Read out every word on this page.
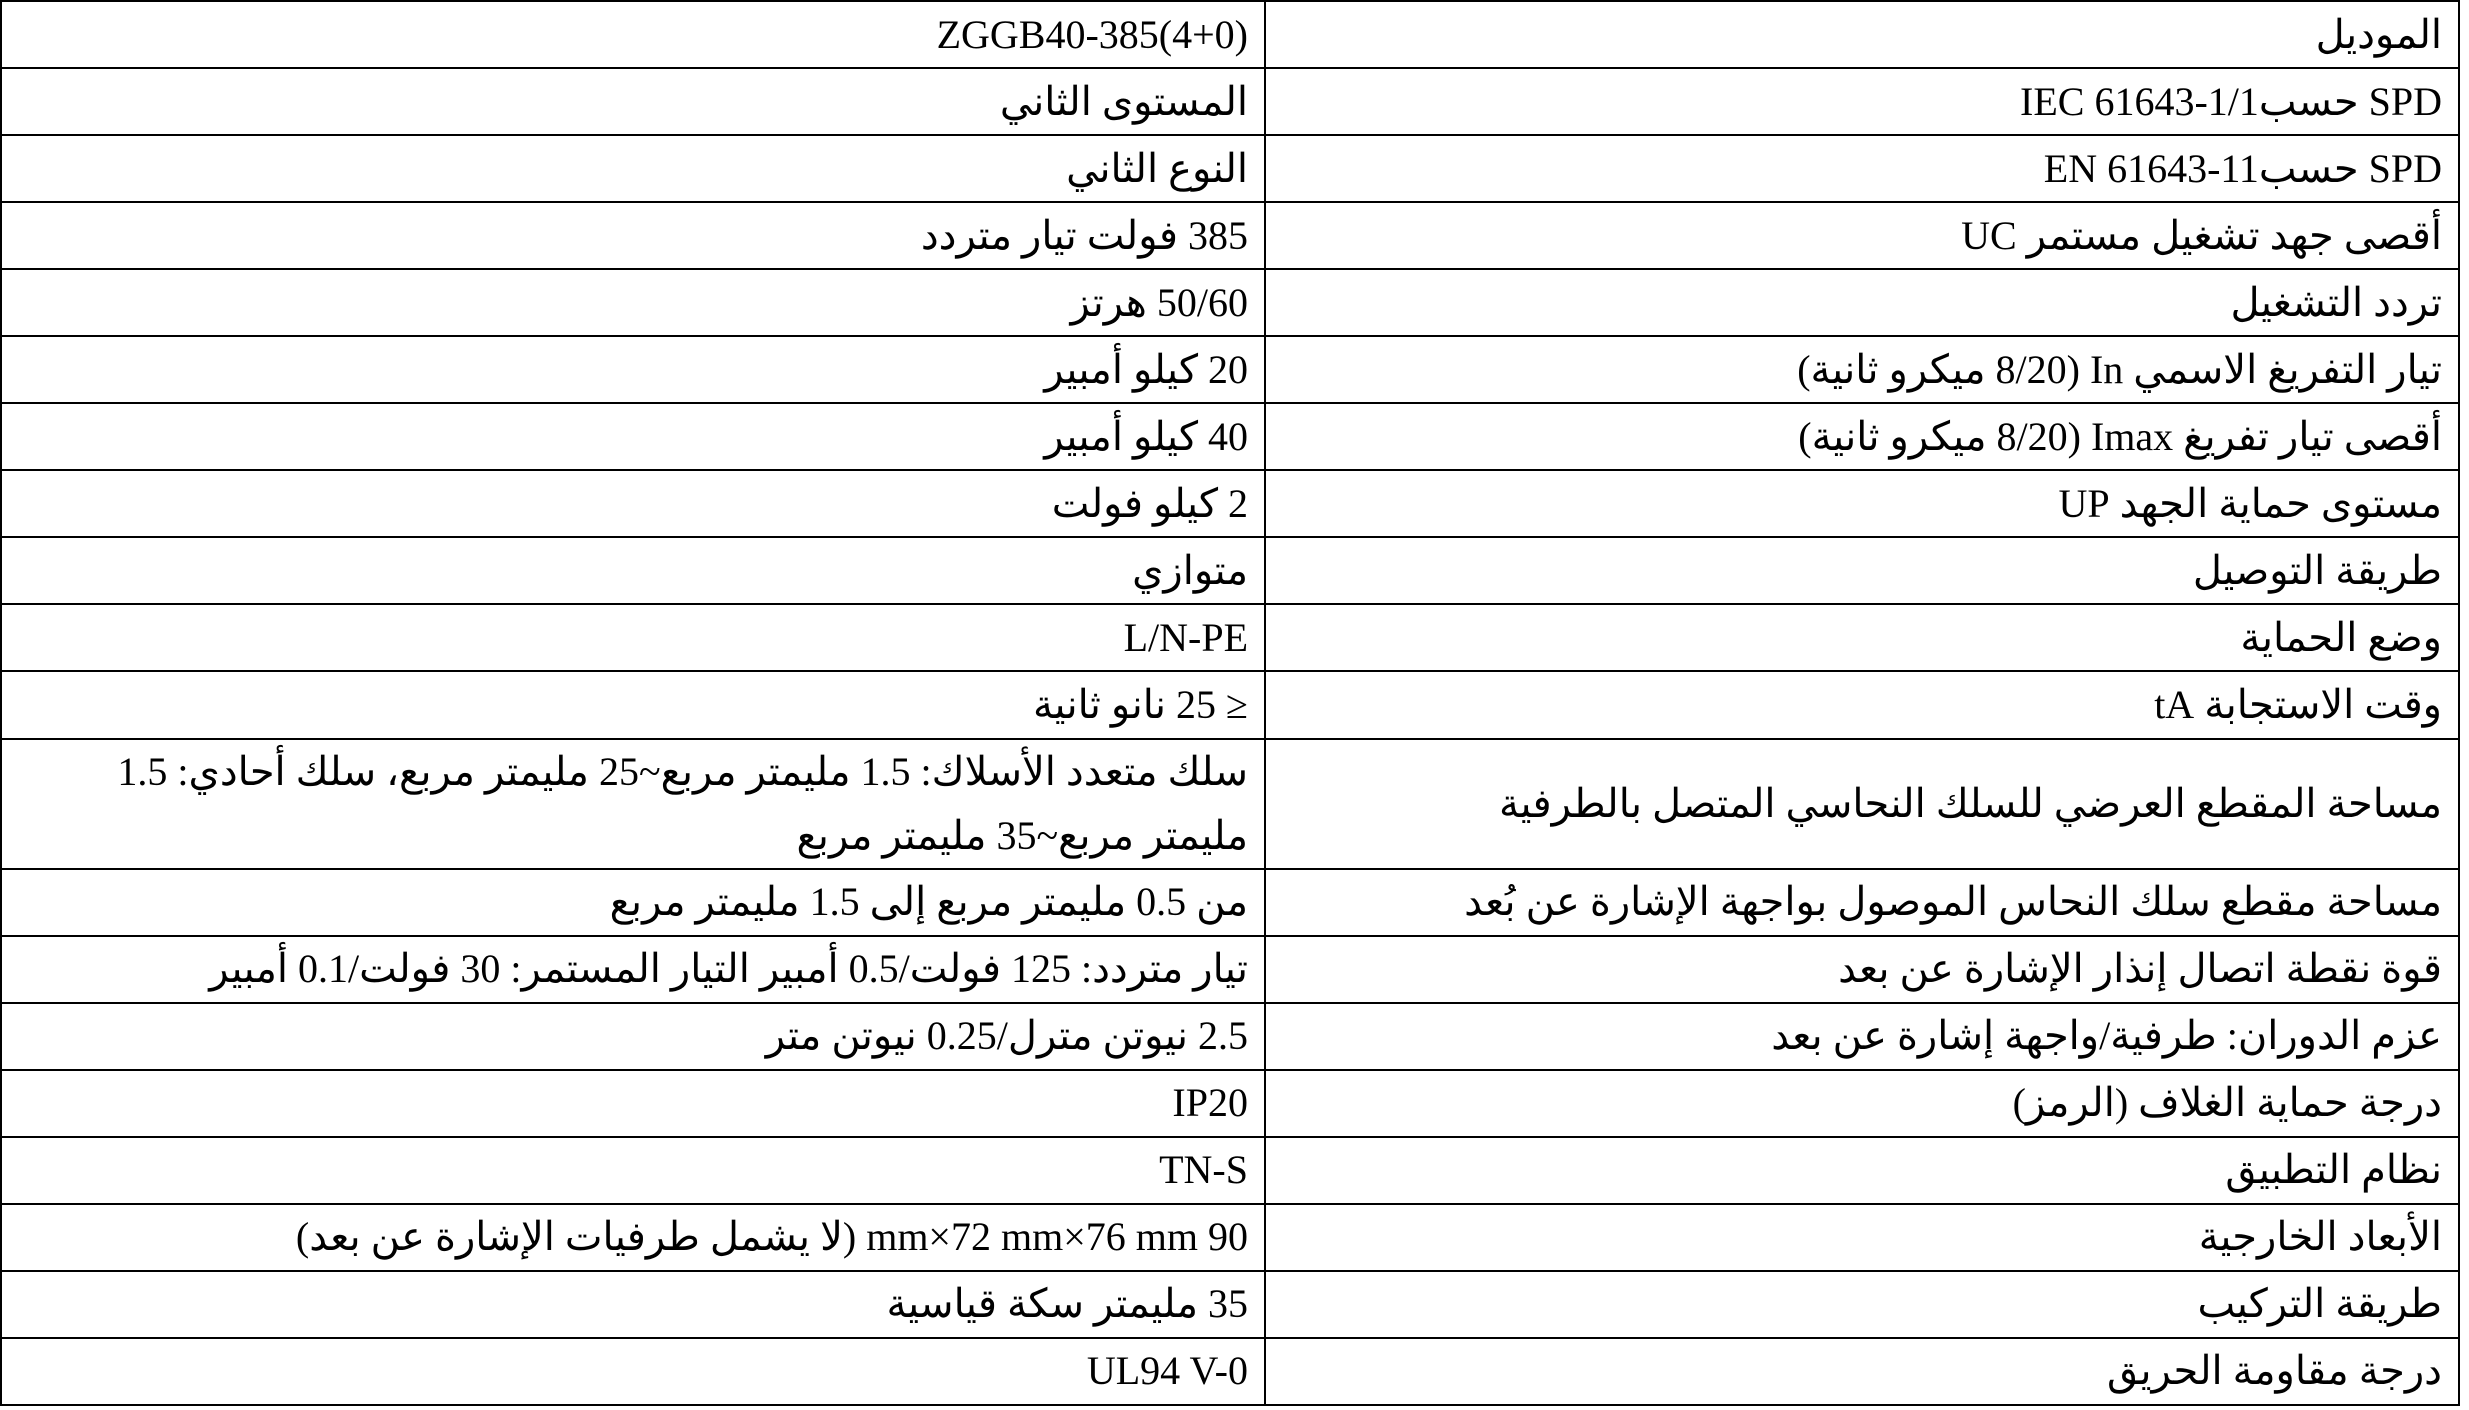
ZGGB40-385(4+0)	الموديل
المستوى الثاني	SPD حسبIEC 61643-1/1
النوع الثاني	SPD حسبEN 61643-11
385 فولت تيار متردد	أقصى جهد تشغيل مستمر UC
50/60 هرتز	تردد التشغيل
20 كيلو أمبير	تيار التفريغ الاسمي In (8/20 ميكرو ثانية)
40 كيلو أمبير	أقصى تيار تفريغ Imax (8/20 ميكرو ثانية)
2 كيلو فولت	مستوى حماية الجهد UP
متوازي	طريقة التوصيل
L/N-PE	وضع الحماية
≤ 25 نانو ثانية	وقت الاستجابة tA
سلك متعدد الأسلاك: 1.5 مليمتر مربع~25 مليمتر مربع، سلك أحادي: 1.5 مليمتر مربع~35 مليمتر مربع	مساحة المقطع العرضي للسلك النحاسي المتصل بالطرفية
من 0.5 مليمتر مربع إلى 1.5 مليمتر مربع	مساحة مقطع سلك النحاس الموصول بواجهة الإشارة عن بُعد
تيار متردد: 125 فولت/0.5 أمبير التيار المستمر: 30 فولت/0.1 أمبير	قوة نقطة اتصال إنذار الإشارة عن بعد
2.5 نيوتن مترل/0.25 نيوتن متر	عزم الدوران: طرفية/واجهة إشارة عن بعد
IP20	درجة حماية الغلاف (الرمز)
TN-S	نظام التطبيق
90 mm×72 mm×76 mm (لا يشمل طرفيات الإشارة عن بعد)	الأبعاد الخارجية
35 مليمتر سكة قياسية	طريقة التركيب
UL94 V-0	درجة مقاومة الحريق
